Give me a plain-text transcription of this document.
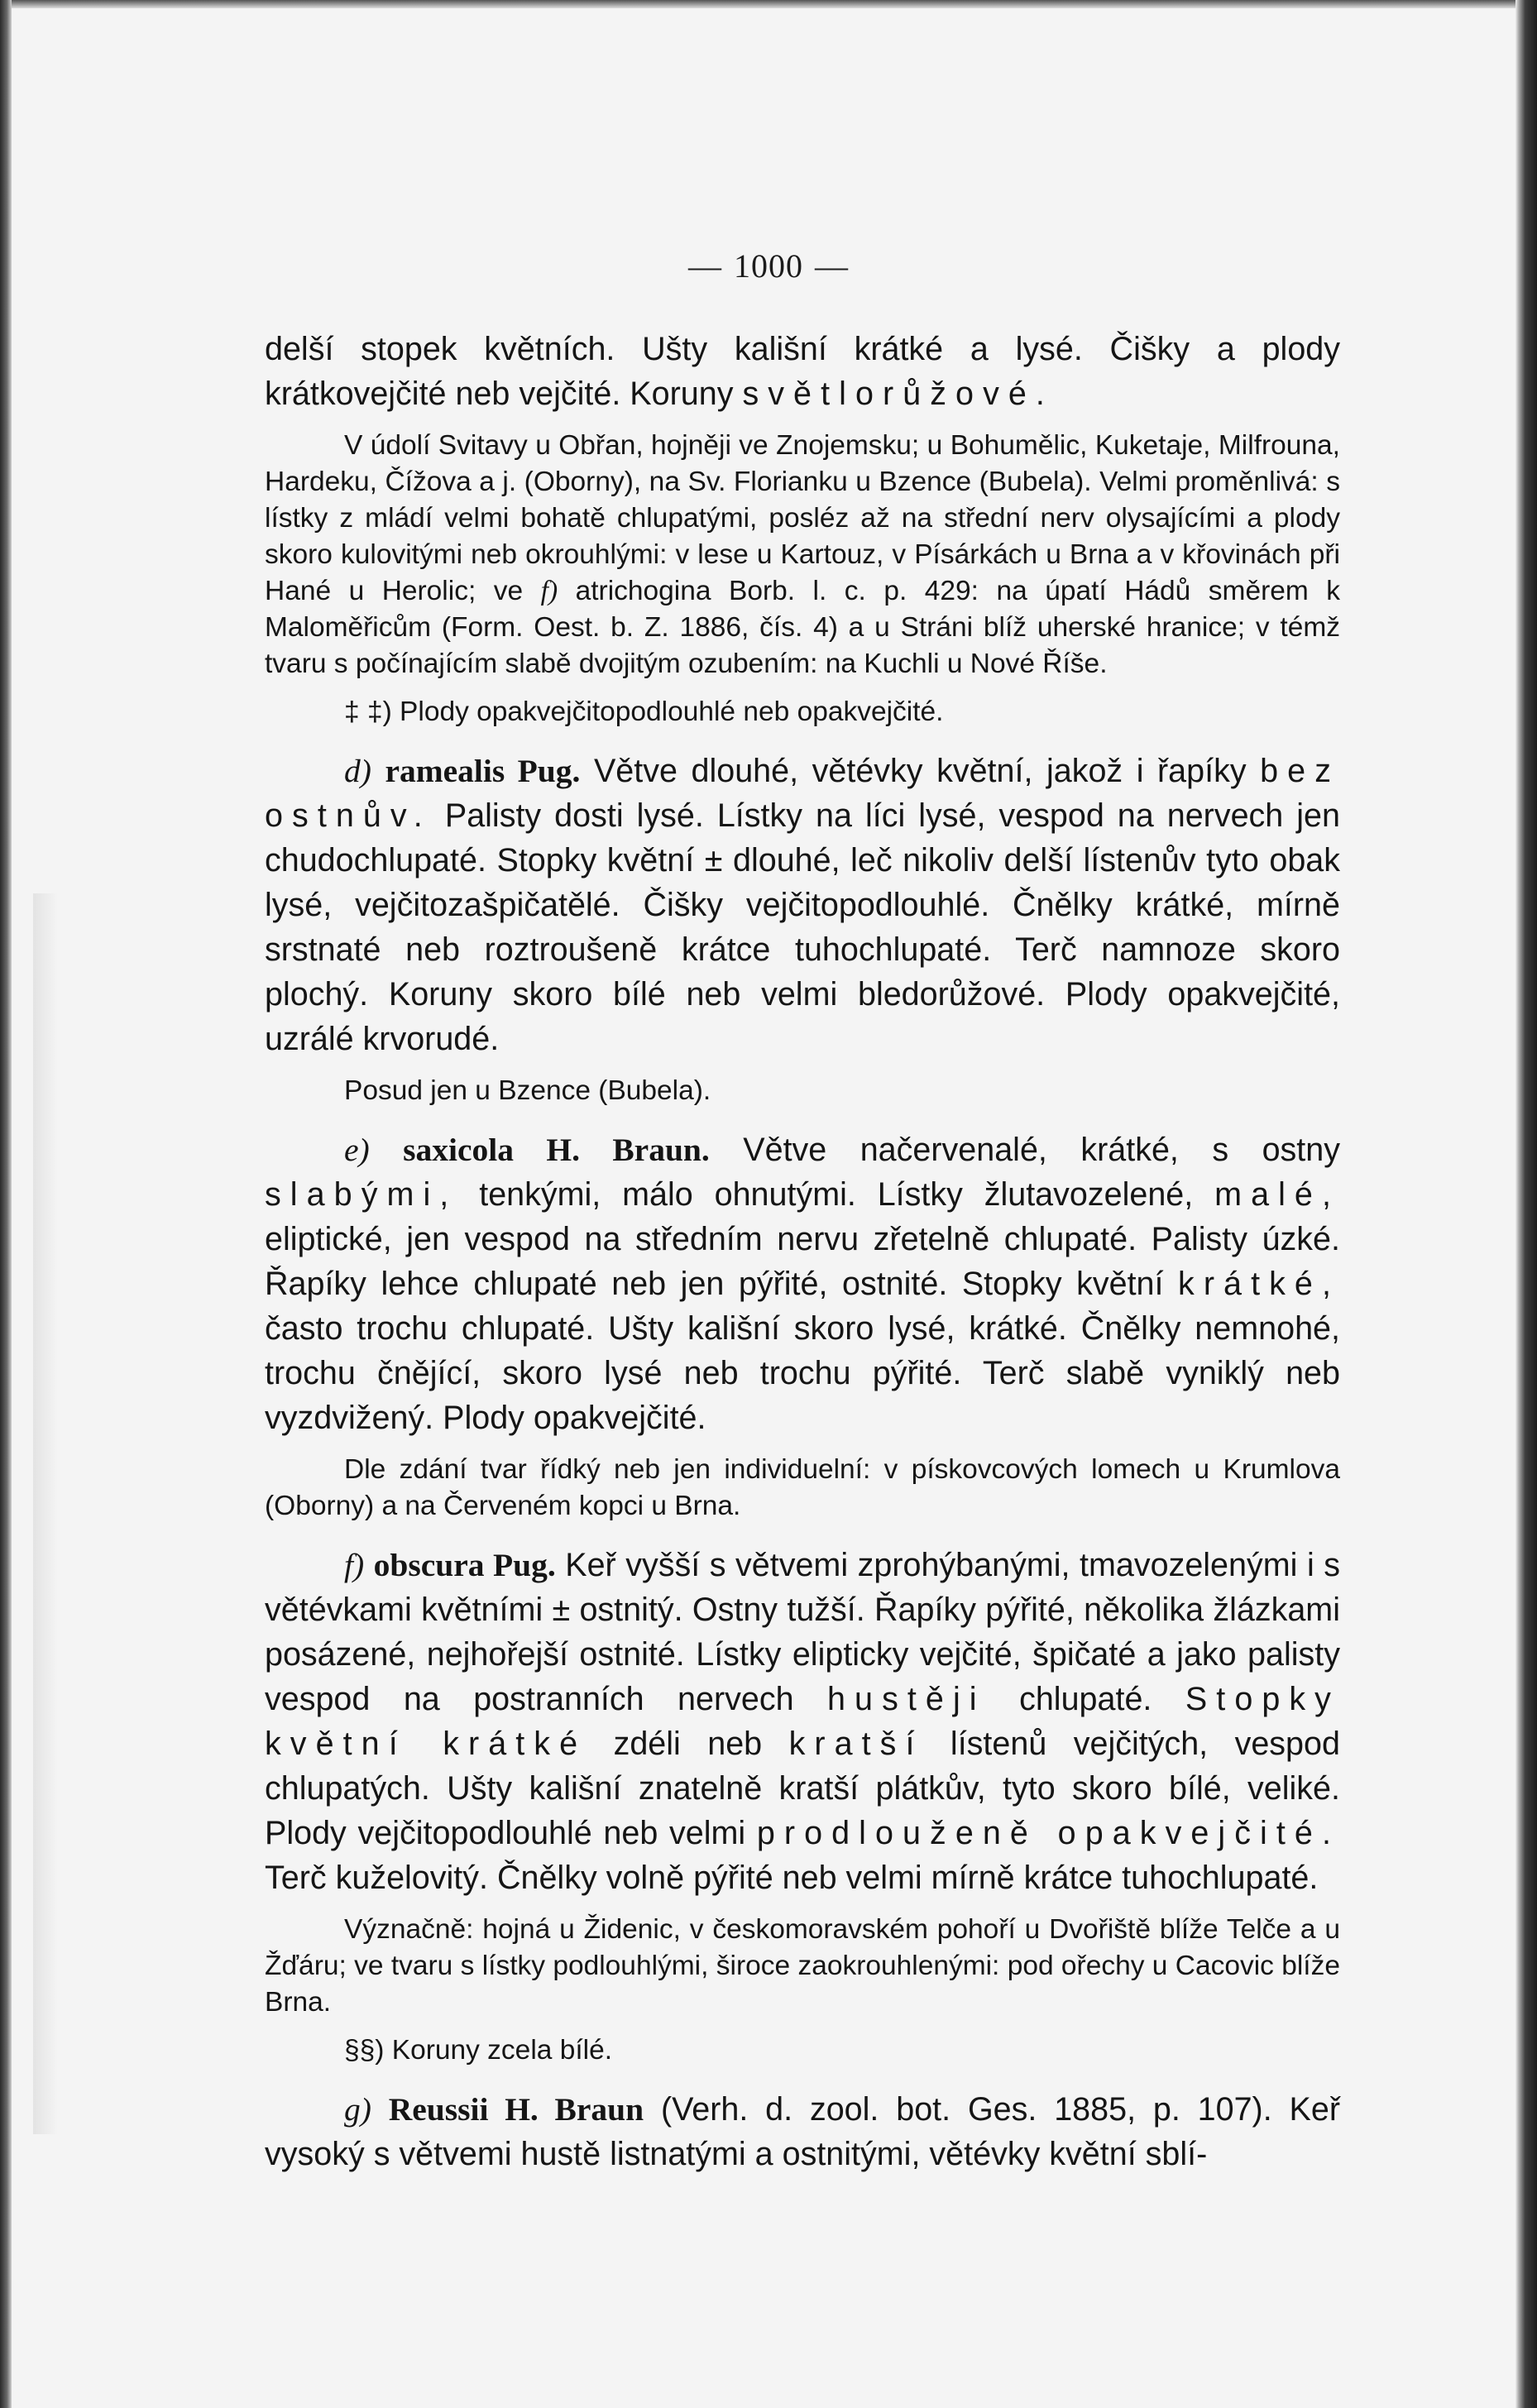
— 1000 —

delší stopek květních. Ušty kališní krátké a lysé. Čišky a plody krátkovejčité neb vejčité. Koruny světlorůžové.

V údolí Svitavy u Obřan, hojněji ve Znojemsku; u Bohumělic, Kuketaje, Milfrouna, Hardeku, Čížova a j. (Oborny), na Sv. Florianku u Bzence (Bubela). Velmi proměnlivá: s lístky z mládí velmi bohatě chlupatými, posléz až na střední nerv olysajícími a plody skoro kulovitými neb okrouhlými: v lese u Kartouz, v Písárkách u Brna a v křovinách při Hané u Herolic; ve f) atrichogina Borb. l. c. p. 429: na úpatí Hádů směrem k Maloměřicům (Form. Oest. b. Z. 1886, čís. 4) a u Stráni blíž uherské hranice; v témž tvaru s počínajícím slabě dvojitým ozubením: na Kuchli u Nové Říše.

‡ ‡) Plody opakvejčitopodlouhlé neb opakvejčité.

d) ramealis Pug. Větve dlouhé, větévky květní, jakož i řapíky bez ostnův. Palisty dosti lysé. Lístky na líci lysé, vespod na nervech jen chudochlupaté. Stopky květní ± dlouhé, leč nikoliv delší lístenův tyto obak lysé, vejčitozašpičatělé. Čišky vejčitopodlouhlé. Čnělky krátké, mírně srstnaté neb roztroušeně krátce tuhochlupaté. Terč namnoze skoro plochý. Koruny skoro bílé neb velmi bledorůžové. Plody opakvejčité, uzrálé krvorudé.

Posud jen u Bzence (Bubela).

e) saxicola H. Braun. Větve načervenalé, krátké, s ostny slabými, tenkými, málo ohnutými. Lístky žlutavozelené, malé, eliptické, jen vespod na středním nervu zřetelně chlupaté. Palisty úzké. Řapíky lehce chlupaté neb jen pýřité, ostnité. Stopky květní krátké, často trochu chlupaté. Ušty kališní skoro lysé, krátké. Čnělky nemnohé, trochu čnějící, skoro lysé neb trochu pýřité. Terč slabě vyniklý neb vyzdvižený. Plody opakvejčité.

Dle zdání tvar řídký neb jen individuelní: v pískovcových lomech u Krumlova (Oborny) a na Červeném kopci u Brna.

f) obscura Pug. Keř vyšší s větvemi zprohýbanými, tmavozelenými i s větévkami květními ± ostnitý. Ostny tužší. Řapíky pýřité, několika žlázkami posázené, nejhořejší ostnité. Lístky elipticky vejčité, špičaté a jako palisty vespod na postranních nervech hustěji chlupaté. Stopky květní krátké zdéli neb kratší lístenů vejčitých, vespod chlupatých. Ušty kališní znatelně kratší plátkův, tyto skoro bílé, veliké. Plody vejčitopodlouhlé neb velmi prodlouženě opakvejčité. Terč kuželovitý. Čnělky volně pýřité neb velmi mírně krátce tuhochlupaté.

Význačně: hojná u Židenic, v českomoravském pohoří u Dvořiště blíže Telče a u Žďáru; ve tvaru s lístky podlouhlými, široce zaokrouhlenými: pod ořechy u Cacovic blíže Brna.

§§) Koruny zcela bílé.

g) Reussii H. Braun (Verh. d. zool. bot. Ges. 1885, p. 107). Keř vysoký s větvemi hustě listnatými a ostnitými, větévky květní sblí-
